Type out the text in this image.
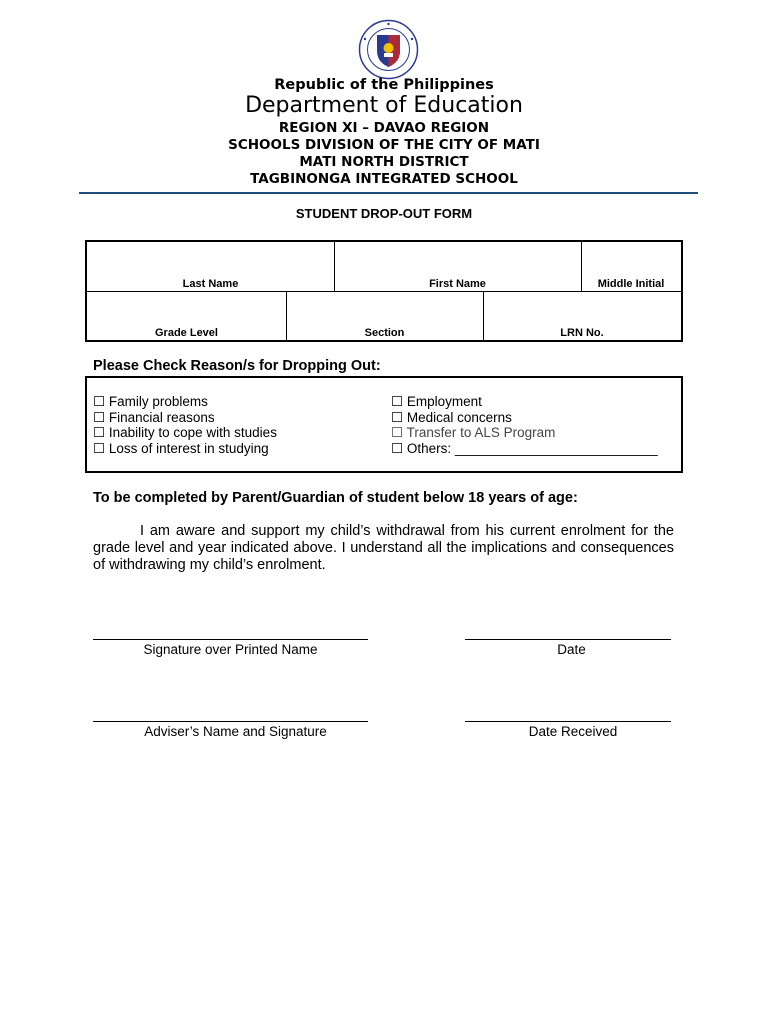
Republic of the Philippines
Department of Education
REGION XI – DAVAO REGION
SCHOOLS DIVISION OF THE CITY OF MATI
MATI NORTH DISTRICT
TAGBINONGA INTEGRATED SCHOOL
STUDENT DROP-OUT FORM
Last Name	First Name	Middle Initial
Grade Level	Section	LRN No.
Please Check Reason/s for Dropping Out:
☐ Family problems
☐ Financial reasons
☐ Inability to cope with studies
☐ Loss of interest in studying
☐ Employment
☐ Medical concerns
☐ Transfer to ALS Program
☐ Others: ___________________________
To be completed by Parent/Guardian of student below 18 years of age:
I am aware and support my child’s withdrawal from his current enrolment for the grade level and year indicated above. I understand all the implications and consequences of withdrawing my child’s enrolment.
Signature over Printed Name	Date
Adviser’s Name and Signature	Date Received
